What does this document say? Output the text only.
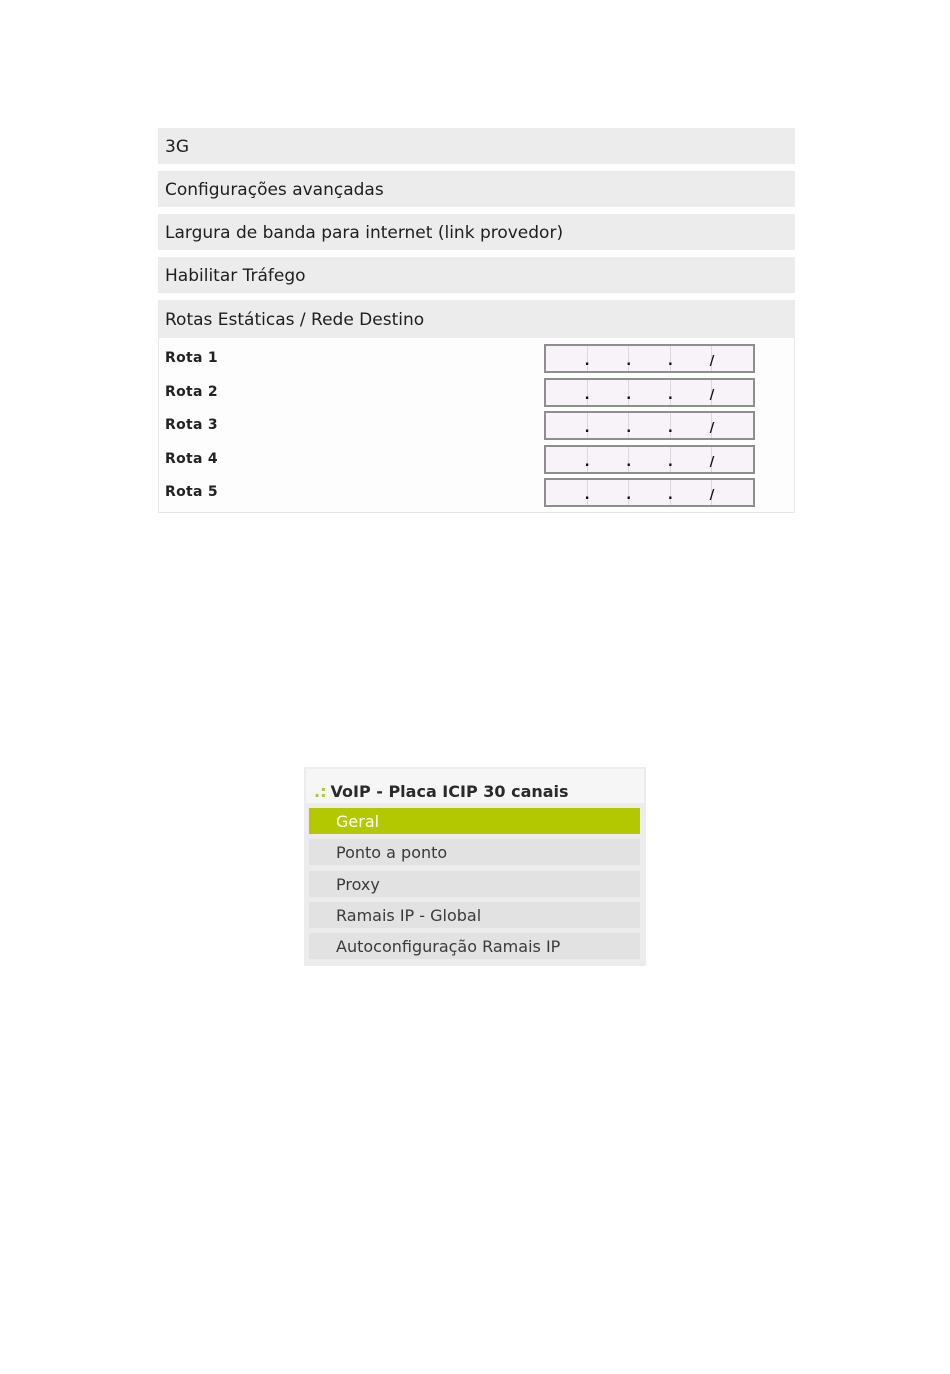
3G
Configurações avançadas
Largura de banda para internet (link provedor)
Habilitar Tráfego
Rotas Estáticas / Rede Destino
Rota 1	.	.	.	/
Rota 2	.	.	.	/
Rota 3	.	.	.	/
Rota 4	.	.	.	/
Rota 5	.	.	.	/
.: VoIP - Placa ICIP 30 canais
Geral
Ponto a ponto
Proxy
Ramais IP - Global
Autoconfiguração Ramais IP
